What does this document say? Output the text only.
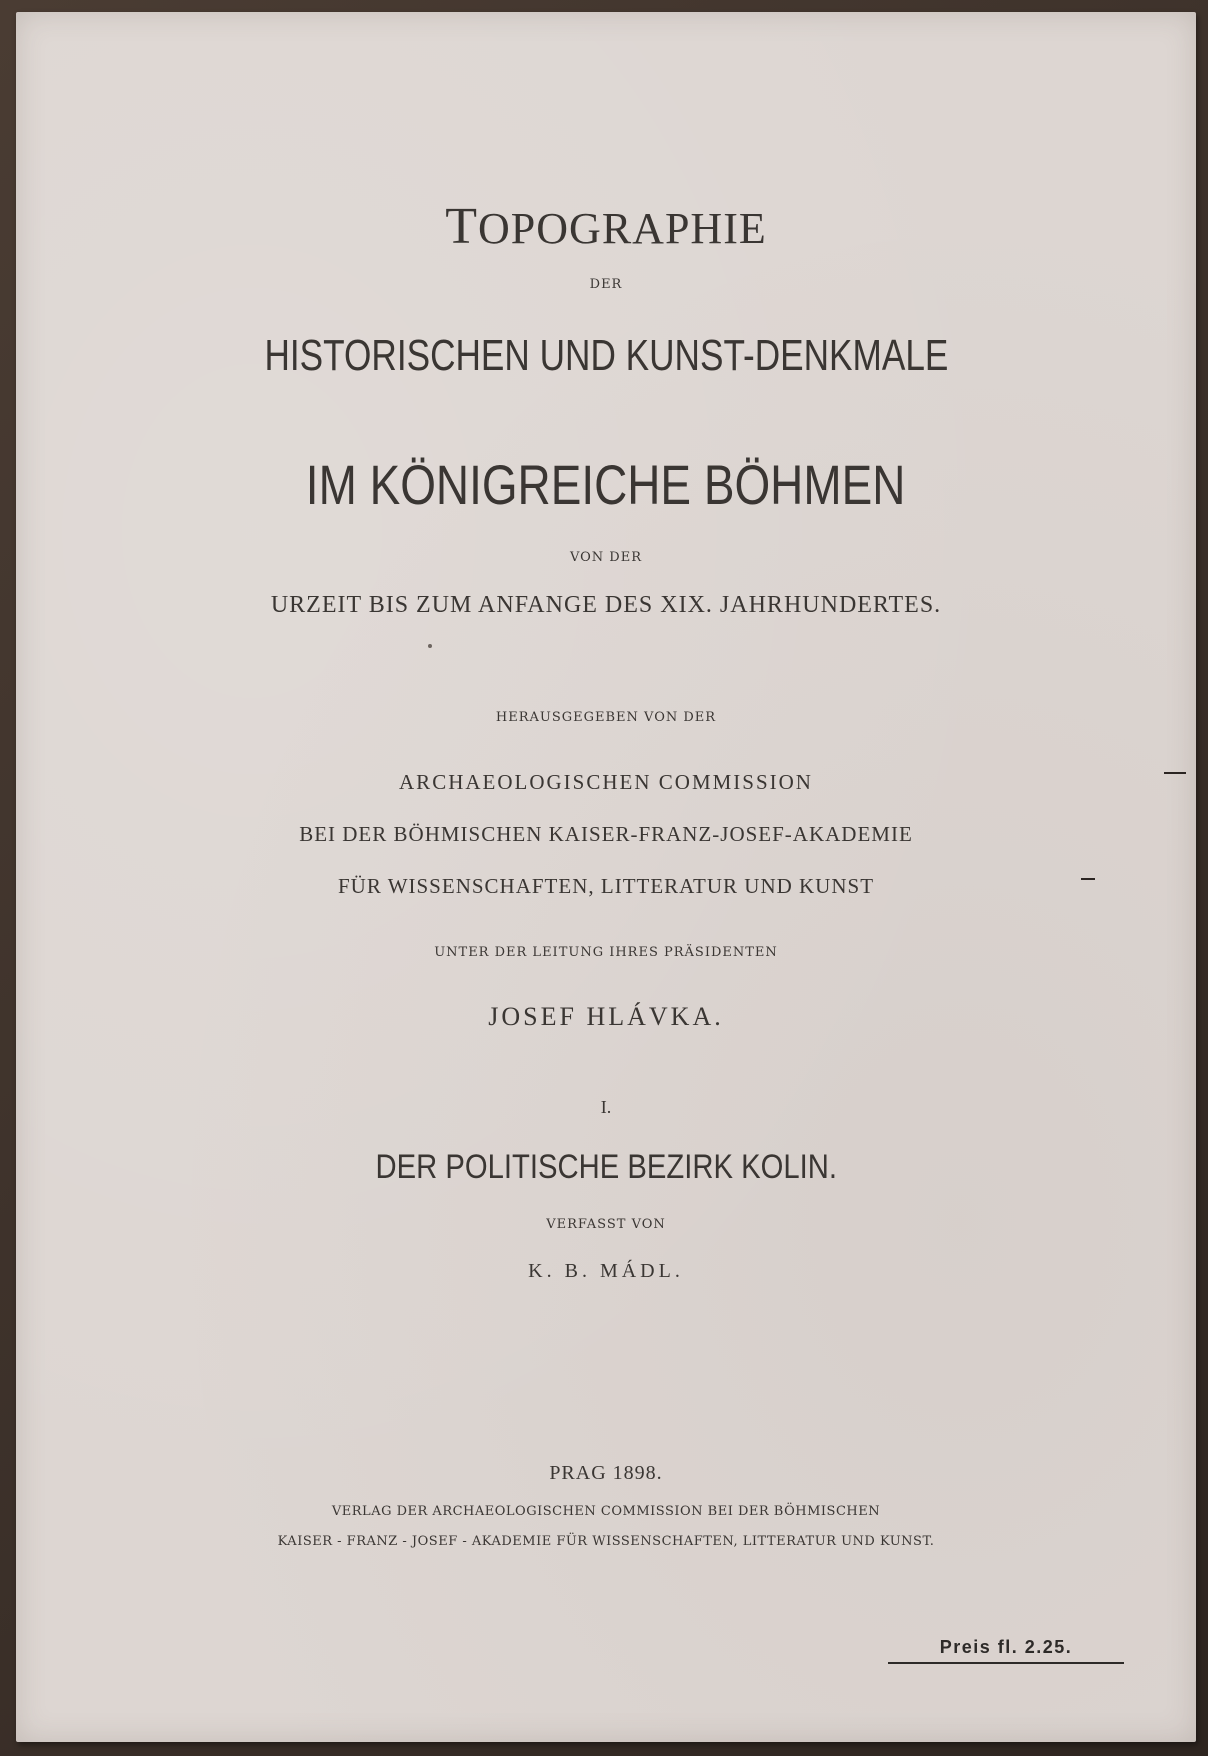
TOPOGRAPHIE
DER
HISTORISCHEN UND KUNST-DENKMALE
IM KÖNIGREICHE BÖHMEN
VON DER
URZEIT BIS ZUM ANFANGE DES XIX. JAHRHUNDERTES.
HERAUSGEGEBEN VON DER
ARCHAEOLOGISCHEN COMMISSION
BEI DER BÖHMISCHEN KAISER-FRANZ-JOSEF-AKADEMIE
FÜR WISSENSCHAFTEN, LITTERATUR UND KUNST
UNTER DER LEITUNG IHRES PRÄSIDENTEN
JOSEF HLÁVKA.
I.
DER POLITISCHE BEZIRK KOLIN.
VERFASST VON
K. B. MÁDL.
PRAG 1898.
VERLAG DER ARCHAEOLOGISCHEN COMMISSION BEI DER BÖHMISCHEN
KAISER - FRANZ - JOSEF - AKADEMIE FÜR WISSENSCHAFTEN, LITTERATUR UND KUNST.
Preis fl. 2.25.
